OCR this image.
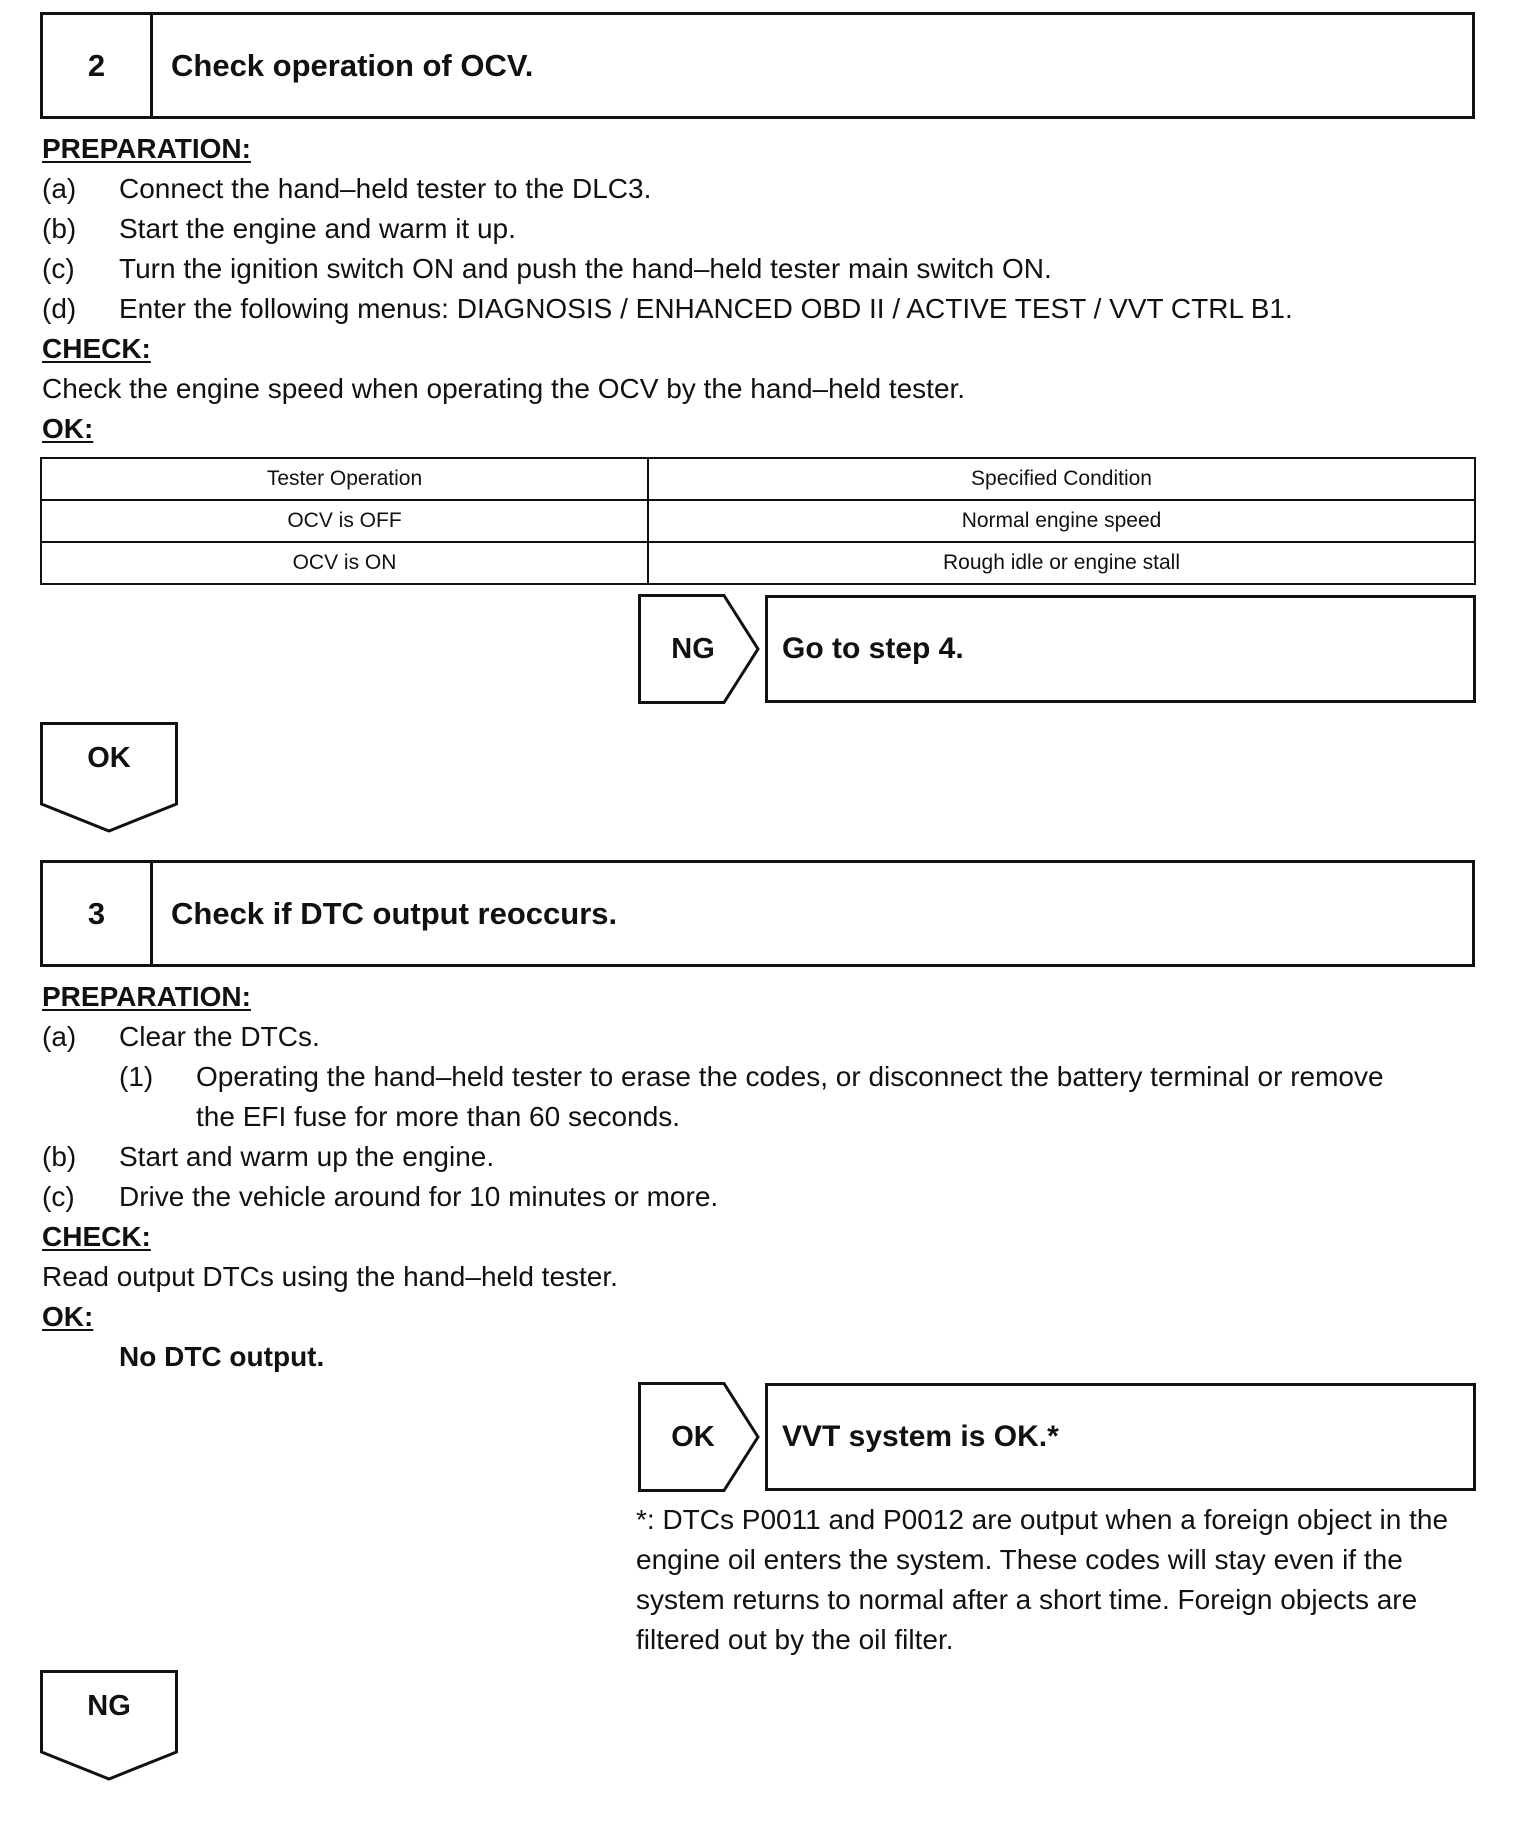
2	Check operation of OCV.
PREPARATION:
(a) Connect the hand–held tester to the DLC3.
(b) Start the engine and warm it up.
(c) Turn the ignition switch ON and push the hand–held tester main switch ON.
(d) Enter the following menus: DIAGNOSIS / ENHANCED OBD II / ACTIVE TEST / VVT CTRL B1.
CHECK:
Check the engine speed when operating the OCV by the hand–held tester.
OK:
Tester Operation	Specified Condition
OCV is OFF	Normal engine speed
OCV is ON	Rough idle or engine stall
NG	Go to step 4.
OK
3	Check if DTC output reoccurs.
PREPARATION:
(a) Clear the DTCs.
(1) Operating the hand–held tester to erase the codes, or disconnect the battery terminal or remove
the EFI fuse for more than 60 seconds.
(b) Start and warm up the engine.
(c) Drive the vehicle around for 10 minutes or more.
CHECK:
Read output DTCs using the hand–held tester.
OK:
No DTC output.
OK	VVT system is OK.*
*: DTCs P0011 and P0012 are output when a foreign object in the engine oil enters the system. These codes will stay even if the system returns to normal after a short time. Foreign objects are filtered out by the oil filter.
NG
